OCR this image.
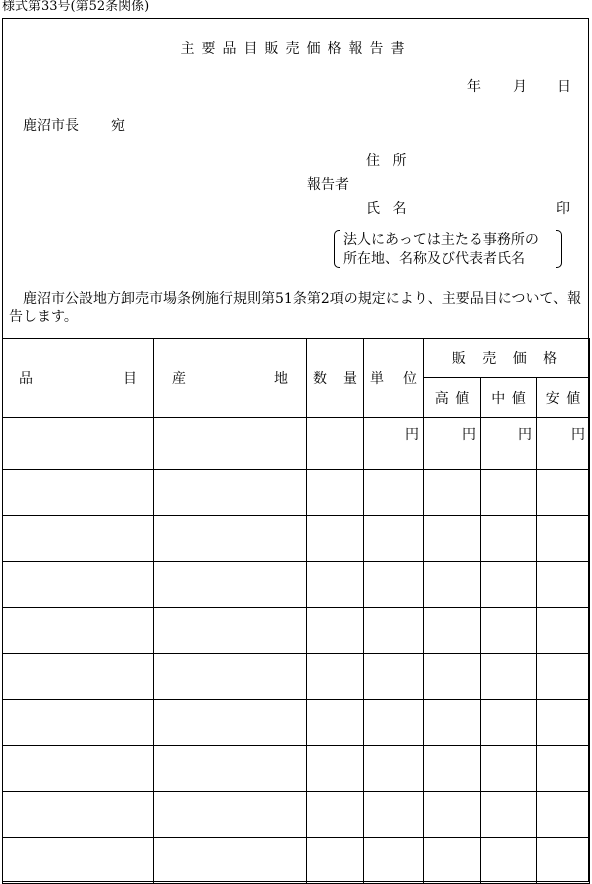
様式第33号(第52条関係)
主要品目販売価格報告書
年 月 日
鹿沼市長 宛
住 所
報告者
氏 名	印
法人にあっては主たる事務所の
所在地、名称及び代表者氏名
鹿沼市公設地方卸売市場条例施行規則第51条第2項の規定により、主要品目について、報告します。
品 目	産 地	数 量	単 位	販 売 価 格		
				高 値	中 値	安 値
			円	円	円	円
